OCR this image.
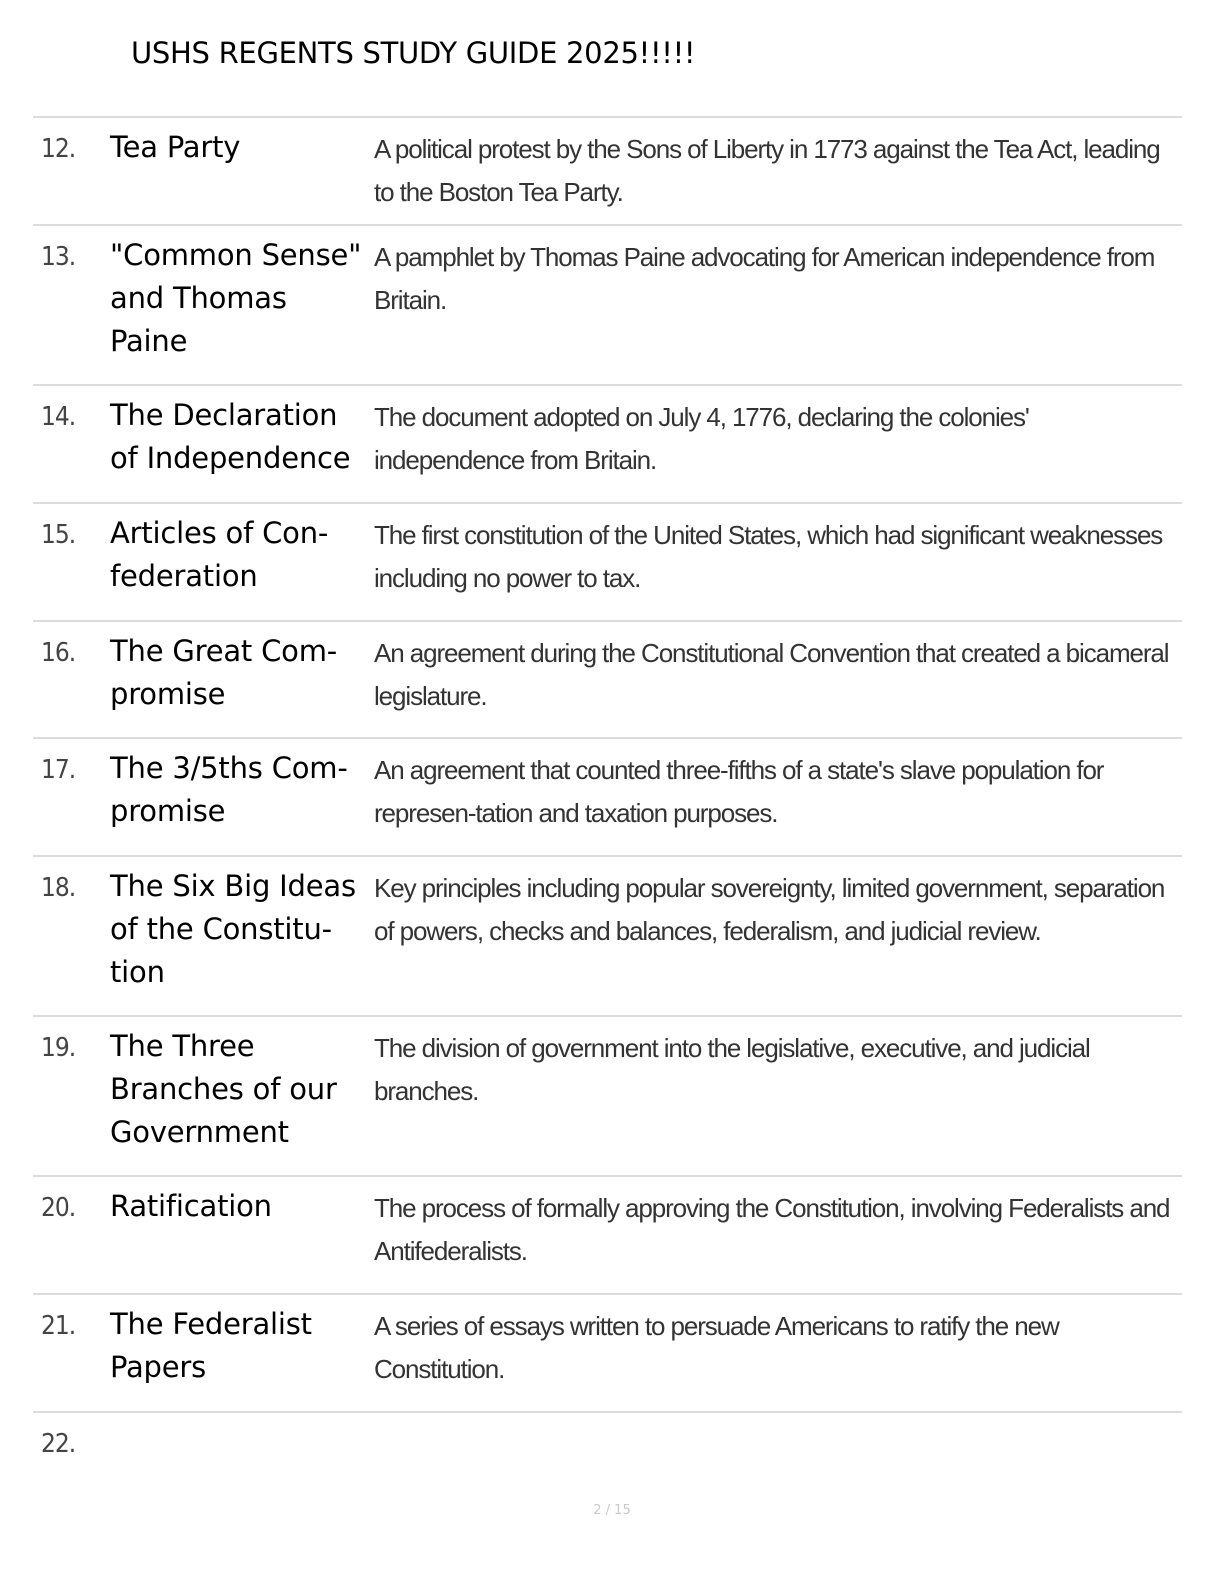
USHS REGENTS STUDY GUIDE 2025!!!!!
12. Tea Party	A political protest by the Sons of Liberty in 1773 against the Tea Act, leading to the Boston Tea Party.
13. "Common Sense" and Thomas Paine
A pamphlet by Thomas Paine advocating for American independence from Britain.
14. The Declaration of Independence
The document adopted on July 4, 1776, declaring the colonies' independence from Britain.
15. Articles of Con-federation
The first constitution of the United States, which had significant weaknesses including no power to tax.
16. The Great Com-promise
An agreement during the Constitutional Convention that created a bicameral legislature.
17. The 3/5ths Com-promise
An agreement that counted three-fifths of a state's slave population for represen-tation and taxation purposes.
18. The Six Big Ideas of the Constitu-tion
Key principles including popular sovereignty, limited government, separation of powers, checks and balances, federalism, and judicial review.
19. The Three Branches of our Government
The division of government into the legislative, executive, and judicial branches.
20. Ratification	The process of formally approving the Constitution, involving Federalists and Antifederalists.
21. The Federalist Papers
A series of essays written to persuade Americans to ratify the new Constitution.
22.
2 / 15
